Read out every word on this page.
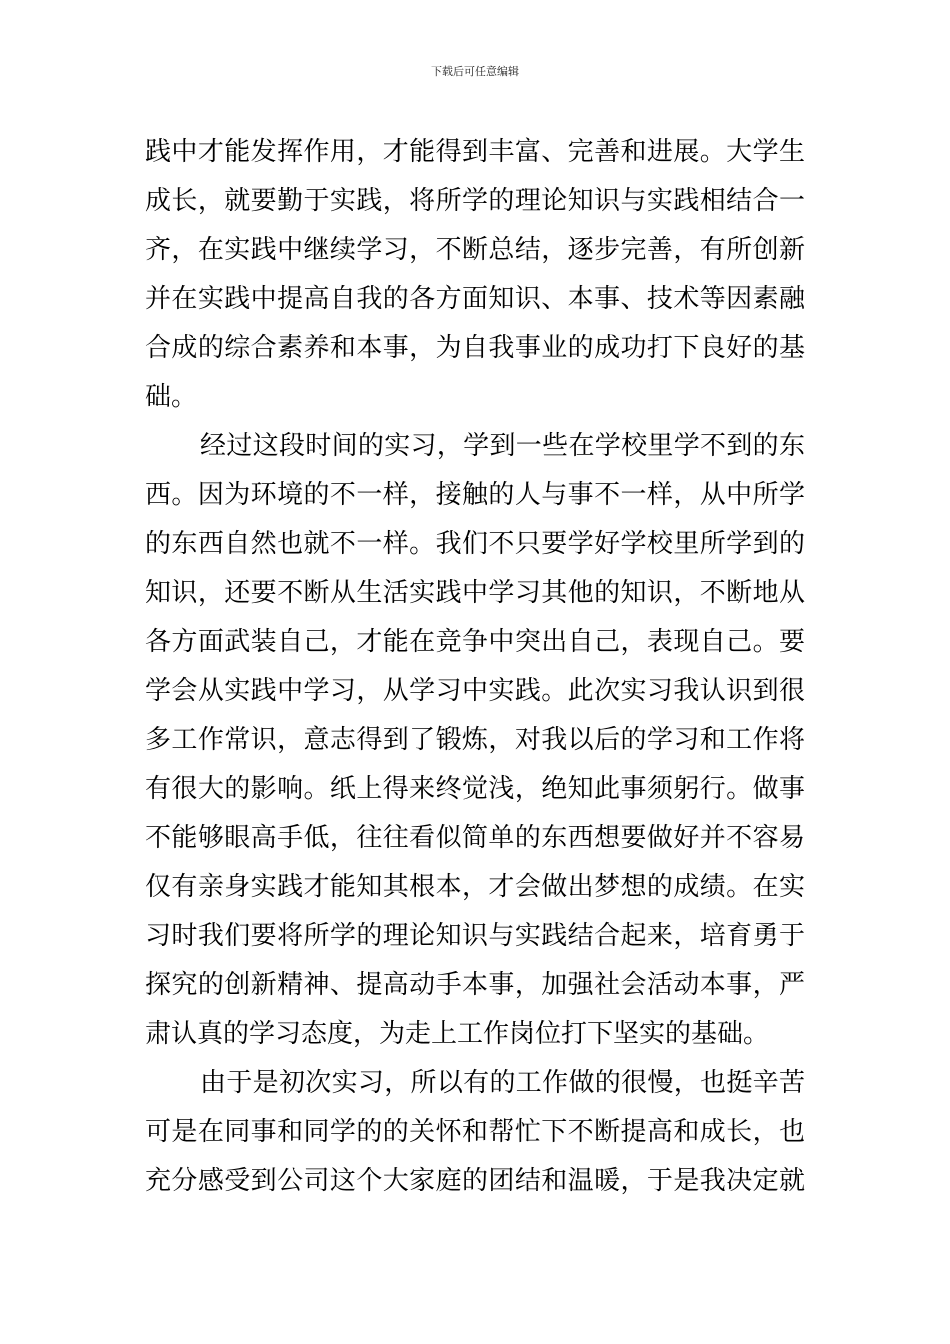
下载后可任意编辑
践中才能发挥作用，才能得到丰富、完善和进展。大学生
成长，就要勤于实践，将所学的理论知识与实践相结合一
齐，在实践中继续学习，不断总结，逐步完善，有所创新
并在实践中提高自我的各方面知识、本事、技术等因素融
合成的综合素养和本事，为自我事业的成功打下良好的基
础。
经过这段时间的实习，学到一些在学校里学不到的东
西。因为环境的不一样，接触的人与事不一样，从中所学
的东西自然也就不一样。我们不只要学好学校里所学到的
知识，还要不断从生活实践中学习其他的知识，不断地从
各方面武装自己，才能在竞争中突出自己，表现自己。要
学会从实践中学习，从学习中实践。此次实习我认识到很
多工作常识，意志得到了锻炼，对我以后的学习和工作将
有很大的影响。纸上得来终觉浅，绝知此事须躬行。做事
不能够眼高手低，往往看似简单的东西想要做好并不容易
仅有亲身实践才能知其根本，才会做出梦想的成绩。在实
习时我们要将所学的理论知识与实践结合起来，培育勇于
探究的创新精神、提高动手本事，加强社会活动本事，严
肃认真的学习态度，为走上工作岗位打下坚实的基础。
由于是初次实习，所以有的工作做的很慢，也挺辛苦
可是在同事和同学的的关怀和帮忙下不断提高和成长，也
充分感受到公司这个大家庭的团结和温暖，于是我决定就
